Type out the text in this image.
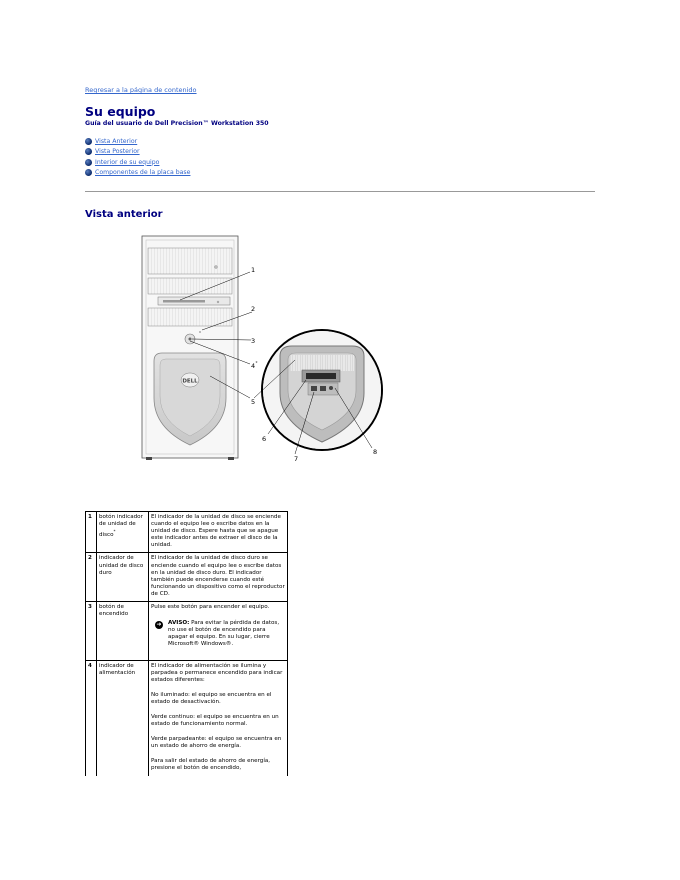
Regresar a la página de contenido
Su equipo
Guía del usuario de Dell Precision™ Workstation 350
Vista Anterior
Vista Posterior
Interior de su equipo
Componentes de la placa base
Vista anterior
DELL
1
2
3
4 *
5
6
7
8
1	botón indicador de unidad de disco*	El indicador de la unidad de disco se enciende cuando el equipo lee o escribe datos en la unidad de disco. Espere hasta que se apague este indicador antes de extraer el disco de la unidad.

2	indicador de unidad de disco duro	El indicador de la unidad de disco duro se enciende cuando el equipo lee o escribe datos en la unidad de disco duro. El indicador también puede encenderse cuando esté funcionando un dispositivo como el reproductor de CD.

3	botón de encendido	Pulse este botón para encender el equipo.

➜ AVISO: Para evitar la pérdida de datos, no use el botón de encendido para apagar el equipo. En su lugar, cierre Microsoft® Windows®.

4	indicador de alimentación	El indicador de alimentación se ilumina y parpadea o permanece encendido para indicar estados diferentes:

No iluminado: el equipo se encuentra en el estado de desactivación.

Verde continuo: el equipo se encuentra en un estado de funcionamiento normal.

Verde parpadeante: el equipo se encuentra en un estado de ahorro de energía.

Para salir del estado de ahorro de energía, presione el botón de encendido,
